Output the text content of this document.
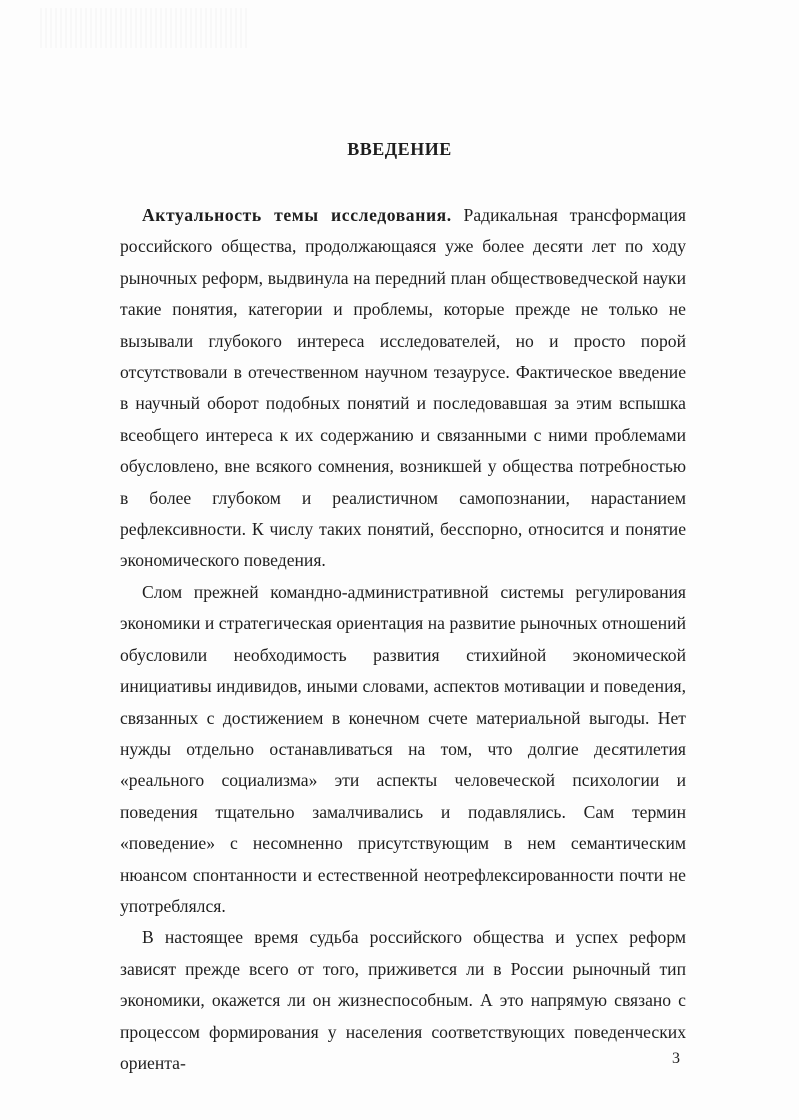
ВВЕДЕНИЕ

Актуальность темы исследования. Радикальная трансформация российского общества, продолжающаяся уже более десяти лет по ходу рыночных реформ, выдвинула на передний план обществоведческой науки такие понятия, категории и проблемы, которые прежде не только не вызывали глубокого интереса исследователей, но и просто порой отсутствовали в отечественном научном тезаурусе. Фактическое введение в научный оборот подобных понятий и последовавшая за этим вспышка всеобщего интереса к их содержанию и связанными с ними проблемами обусловлено, вне всякого сомнения, возникшей у общества потребностью в более глубоком и реалистичном самопознании, нарастанием рефлексивности. К числу таких понятий, бесспорно, относится и понятие экономического поведения.

Слом прежней командно-административной системы регулирования экономики и стратегическая ориентация на развитие рыночных отношений обусловили необходимость развития стихийной экономической инициативы индивидов, иными словами, аспектов мотивации и поведения, связанных с достижением в конечном счете материальной выгоды. Нет нужды отдельно останавливаться на том, что долгие десятилетия «реального социализма» эти аспекты человеческой психологии и поведения тщательно замалчивались и подавлялись. Сам термин «поведение» с несомненно присутствующим в нем семантическим нюансом спонтанности и естественной неотрефлексированности почти не употреблялся.

В настоящее время судьба российского общества и успех реформ зависят прежде всего от того, приживется ли в России рыночный тип экономики, окажется ли он жизнеспособным. А это напрямую связано с процессом формирования у населения соответствующих поведенческих ориента-	3
